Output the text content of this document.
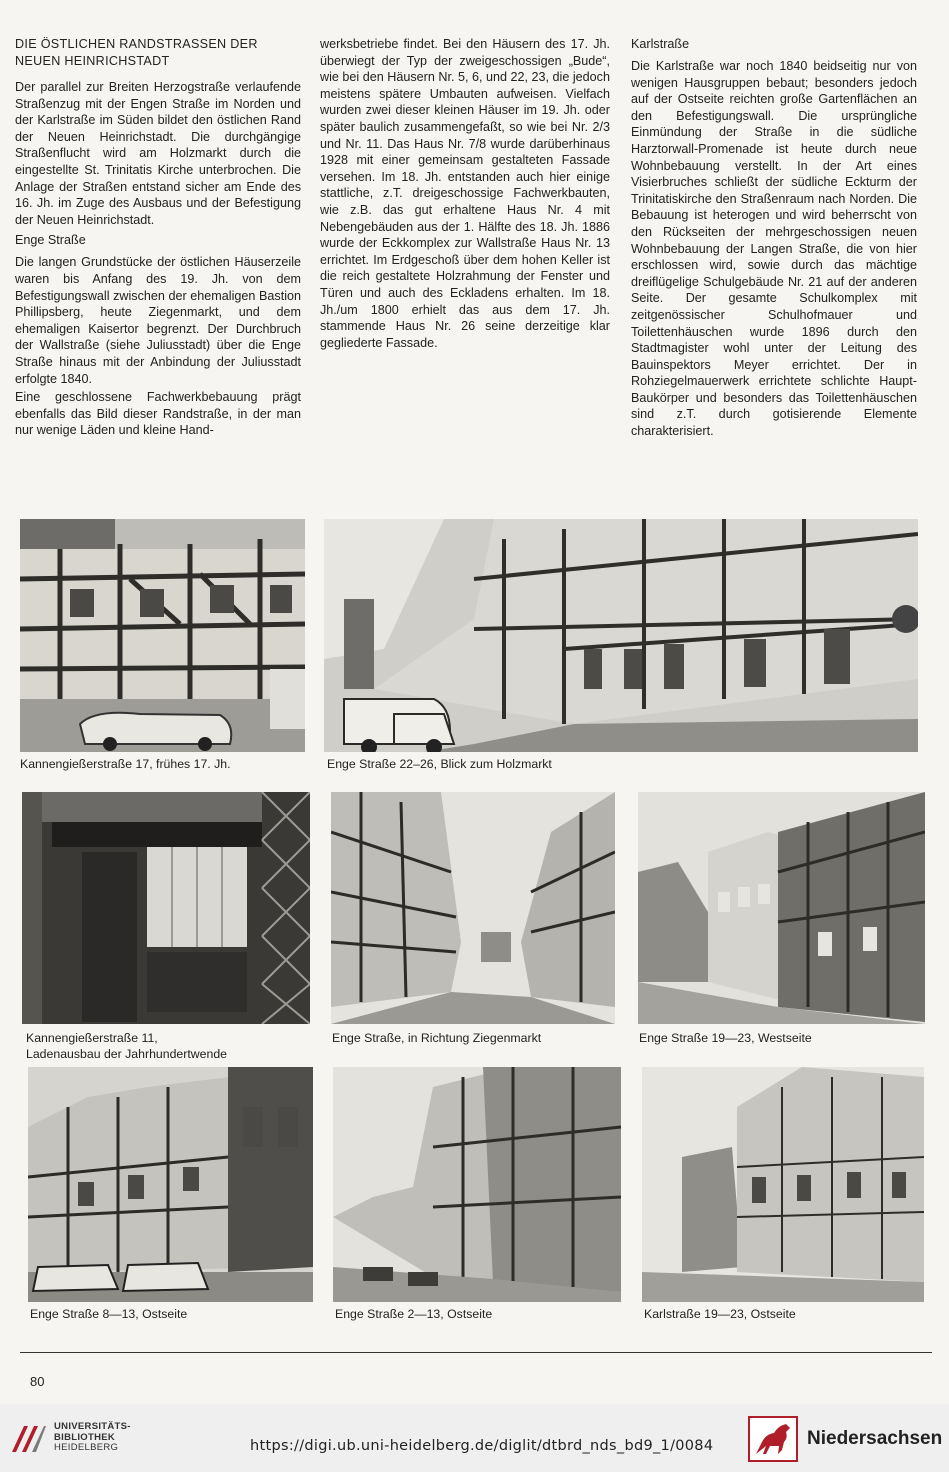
DIE ÖSTLICHEN RANDSTRASSEN DER NEUEN HEINRICHSTADT

Der parallel zur Breiten Herzogstraße verlaufende Straßenzug mit der Engen Straße im Norden und der Karlstraße im Süden bildet den östlichen Rand der Neuen Heinrichstadt. Die durchgängige Straßenflucht wird am Holzmarkt durch die eingestellte St. Trinitatis Kirche unterbrochen. Die Anlage der Straßen entstand sicher am Ende des 16. Jh. im Zuge des Ausbaus und der Befestigung der Neuen Heinrichstadt.

Enge Straße

Die langen Grundstücke der östlichen Häuserzeile waren bis Anfang des 19. Jh. von dem Befestigungswall zwischen der ehemaligen Bastion Phillipsberg, heute Ziegenmarkt, und dem ehemaligen Kaisertor begrenzt. Der Durchbruch der Wallstraße (siehe Juliusstadt) über die Enge Straße hinaus mit der Anbindung der Juliusstadt erfolgte 1840.

Eine geschlossene Fachwerkbebauung prägt ebenfalls das Bild dieser Randstraße, in der man nur wenige Läden und kleine Hand-

werksbetriebe findet. Bei den Häusern des 17. Jh. überwiegt der Typ der zweigeschossigen „Bude“, wie bei den Häusern Nr. 5, 6, und 22, 23, die jedoch meistens spätere Umbauten aufweisen. Vielfach wurden zwei dieser kleinen Häuser im 19. Jh. oder später baulich zusammengefaßt, so wie bei Nr. 2/3 und Nr. 11. Das Haus Nr. 7/8 wurde darüberhinaus 1928 mit einer gemeinsam gestalteten Fassade versehen. Im 18. Jh. entstanden auch hier einige stattliche, z.T. dreigeschossige Fachwerkbauten, wie z.B. das gut erhaltene Haus Nr. 4 mit Nebengebäuden aus der 1. Hälfte des 18. Jh. 1886 wurde der Eckkomplex zur Wallstraße Haus Nr. 13 errichtet. Im Erdgeschoß über dem hohen Keller ist die reich gestaltete Holzrahmung der Fenster und Türen und auch des Eckladens erhalten. Im 18. Jh./um 1800 erhielt das aus dem 17. Jh. stammende Haus Nr. 26 seine derzeitige klar gegliederte Fassade.

Karlstraße

Die Karlstraße war noch 1840 beidseitig nur von wenigen Hausgruppen bebaut; besonders jedoch auf der Ostseite reichten große Gartenflächen an den Befestigungswall. Die ursprüngliche Einmündung der Straße in die südliche Harztorwall-Promenade ist heute durch neue Wohnbebauung verstellt. In der Art eines Visierbruches schließt der südliche Eckturm der Trinitatiskirche den Straßenraum nach Norden. Die Bebauung ist heterogen und wird beherrscht von den Rückseiten der mehrgeschossigen neuen Wohnbebauung der Langen Straße, die von hier erschlossen wird, sowie durch das mächtige dreiflügelige Schulgebäude Nr. 21 auf der anderen Seite. Der gesamte Schulkomplex mit zeitgenössischer Schulhofmauer und Toilettenhäuschen wurde 1896 durch den Stadtmagister wohl unter der Leitung des Bauinspektors Meyer errichtet. Der in Rohziegelmauerwerk errichtete schlichte Haupt-Baukörper und besonders das Toilettenhäuschen sind z.T. durch gotisierende Elemente charakterisiert.

Kannengießerstraße 17, frühes 17. Jh.	Enge Straße 22–26, Blick zum Holzmarkt
Kannengießerstraße 11,
Ladenausbau der Jahrhundertwende
Enge Straße, in Richtung Ziegenmarkt	Enge Straße 19—23, Westseite
Enge Straße 8—13, Ostseite	Enge Straße 2—13, Ostseite	Karlstraße 19—23, Ostseite
80
UNIVERSITÄTS-
BIBLIOTHEK
HEIDELBERG	https://digi.ub.uni-heidelberg.de/diglit/dtbrd_nds_bd9_1/0084	Niedersachsen
